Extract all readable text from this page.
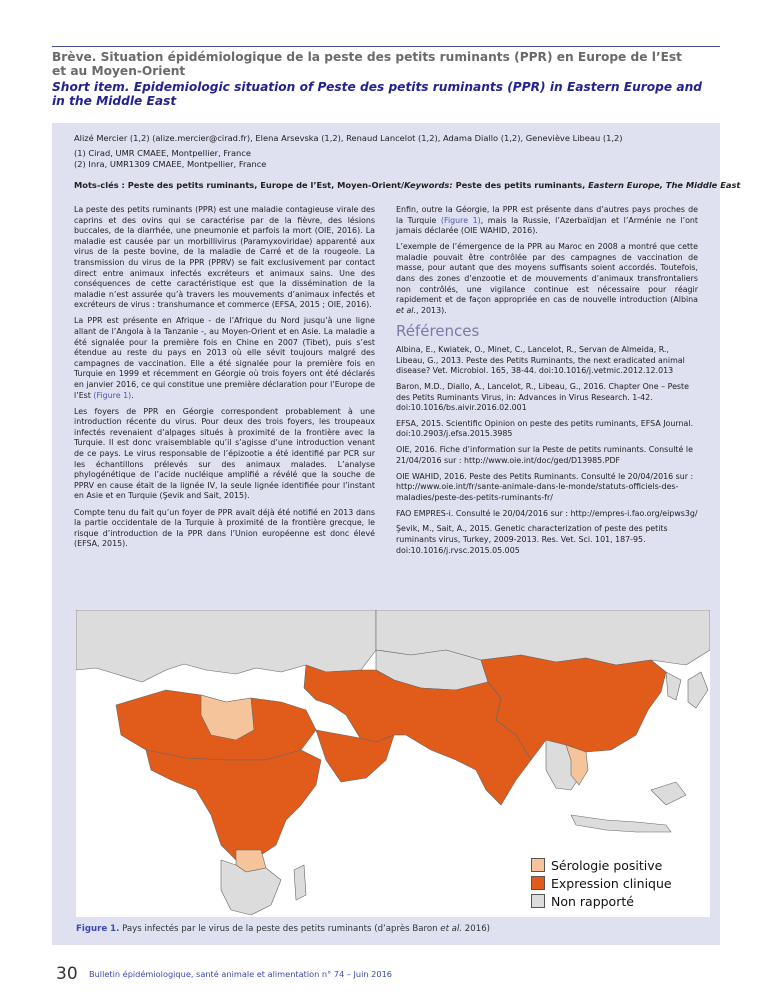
Brève. Situation épidémiologique de la peste des petits ruminants (PPR) en Europe de l’Est et au Moyen-Orient
Short item. Epidemiologic situation of Peste des petits ruminants (PPR) in Eastern Europe and in the Middle East
Alizé Mercier (1,2) (alize.mercier@cirad.fr), Elena Arsevska (1,2), Renaud Lancelot (1,2), Adama Diallo (1,2), Geneviève Libeau (1,2)
(1) Cirad, UMR CMAEE, Montpellier, France
(2) Inra, UMR1309 CMAEE, Montpellier, France
Mots-clés : Peste des petits ruminants, Europe de l’Est, Moyen-Orient/Keywords: Peste des petits ruminants, Eastern Europe, The Middle East

La peste des petits ruminants (PPR) est une maladie contagieuse virale des caprins et des ovins qui se caractérise par de la fièvre, des lésions buccales, de la diarrhée, une pneumonie et parfois la mort (OIE, 2016). La maladie est causée par un morbillivirus (Paramyxoviridae) apparenté aux virus de la peste bovine, de la maladie de Carré et de la rougeole. La transmission du virus de la PPR (PPRV) se fait exclusivement par contact direct entre animaux infectés excréteurs et animaux sains. Une des conséquences de cette caractéristique est que la dissémination de la maladie n’est assurée qu’à travers les mouvements d’animaux infectés et excréteurs de virus : transhumance et commerce (EFSA, 2015 ; OIE, 2016).

La PPR est présente en Afrique - de l’Afrique du Nord jusqu’à une ligne allant de l’Angola à la Tanzanie -, au Moyen-Orient et en Asie. La maladie a été signalée pour la première fois en Chine en 2007 (Tibet), puis s’est étendue au reste du pays en 2013 où elle sévit toujours malgré des campagnes de vaccination. Elle a été signalée pour la première fois en Turquie en 1999 et récemment en Géorgie où trois foyers ont été déclarés en janvier 2016, ce qui constitue une première déclaration pour l’Europe de l’Est (Figure 1).

Les foyers de PPR en Géorgie correspondent probablement à une introduction récente du virus. Pour deux des trois foyers, les troupeaux infectés revenaient d’alpages situés à proximité de la frontière avec la Turquie. Il est donc vraisemblable qu’il s’agisse d’une introduction venant de ce pays. Le virus responsable de l’épizootie a été identifié par PCR sur les échantillons prélevés sur des animaux malades. L’analyse phylogénétique de l’acide nucléique amplifié a révélé que la souche de PPRV en cause était de la lignée IV, la seule lignée identifiée pour l’instant en Asie et en Turquie (Şevik and Sait, 2015).

Compte tenu du fait qu’un foyer de PPR avait déjà été notifié en 2013 dans la partie occidentale de la Turquie à proximité de la frontière grecque, le risque d’introduction de la PPR dans l’Union européenne est donc élevé (EFSA, 2015).

Enfin, outre la Géorgie, la PPR est présente dans d’autres pays proches de la Turquie (Figure 1), mais la Russie, l’Azerbaïdjan et l’Arménie ne l’ont jamais déclarée (OIE WAHID, 2016).

L’exemple de l’émergence de la PPR au Maroc en 2008 a montré que cette maladie pouvait être contrôlée par des campagnes de vaccination de masse, pour autant que des moyens suffisants soient accordés. Toutefois, dans des zones d’enzootie et de mouvements d’animaux transfrontaliers non contrôlés, une vigilance continue est nécessaire pour réagir rapidement et de façon appropriée en cas de nouvelle introduction (Albina et al., 2013).

Références

Albina, E., Kwiatek, O., Minet, C., Lancelot, R., Servan de Almeida, R., Libeau, G., 2013. Peste des Petits Ruminants, the next eradicated animal disease? Vet. Microbiol. 165, 38-44. doi:10.1016/j.vetmic.2012.12.013

Baron, M.D., Diallo, A., Lancelot, R., Libeau, G., 2016. Chapter One – Peste des Petits Ruminants Virus, in: Advances in Virus Research. 1-42. doi:10.1016/bs.aivir.2016.02.001

EFSA, 2015. Scientific Opinion on peste des petits ruminants, EFSA Journal. doi:10.2903/j.efsa.2015.3985

OIE, 2016. Fiche d’information sur la Peste de petits ruminants. Consulté le 21/04/2016 sur : http://www.oie.int/doc/ged/D13985.PDF

OIE WAHID, 2016. Peste des Petits Ruminants. Consulté le 20/04/2016 sur : http://www.oie.int/fr/sante-animale-dans-le-monde/statuts-officiels-des-maladies/peste-des-petits-ruminants-fr/

FAO EMPRES-i. Consulté le 20/04/2016 sur : http://empres-i.fao.org/eipws3g/

Şevik, M., Sait, A., 2015. Genetic characterization of peste des petits ruminants virus, Turkey, 2009-2013. Res. Vet. Sci. 101, 187-95. doi:10.1016/j.rvsc.2015.05.005

Sérologie positive
Expression clinique
Non rapporté
Figure 1. Pays infectés par le virus de la peste des petits ruminants (d’après Baron et al. 2016)
30 Bulletin épidémiologique, santé animale et alimentation n° 74 – Juin 2016
